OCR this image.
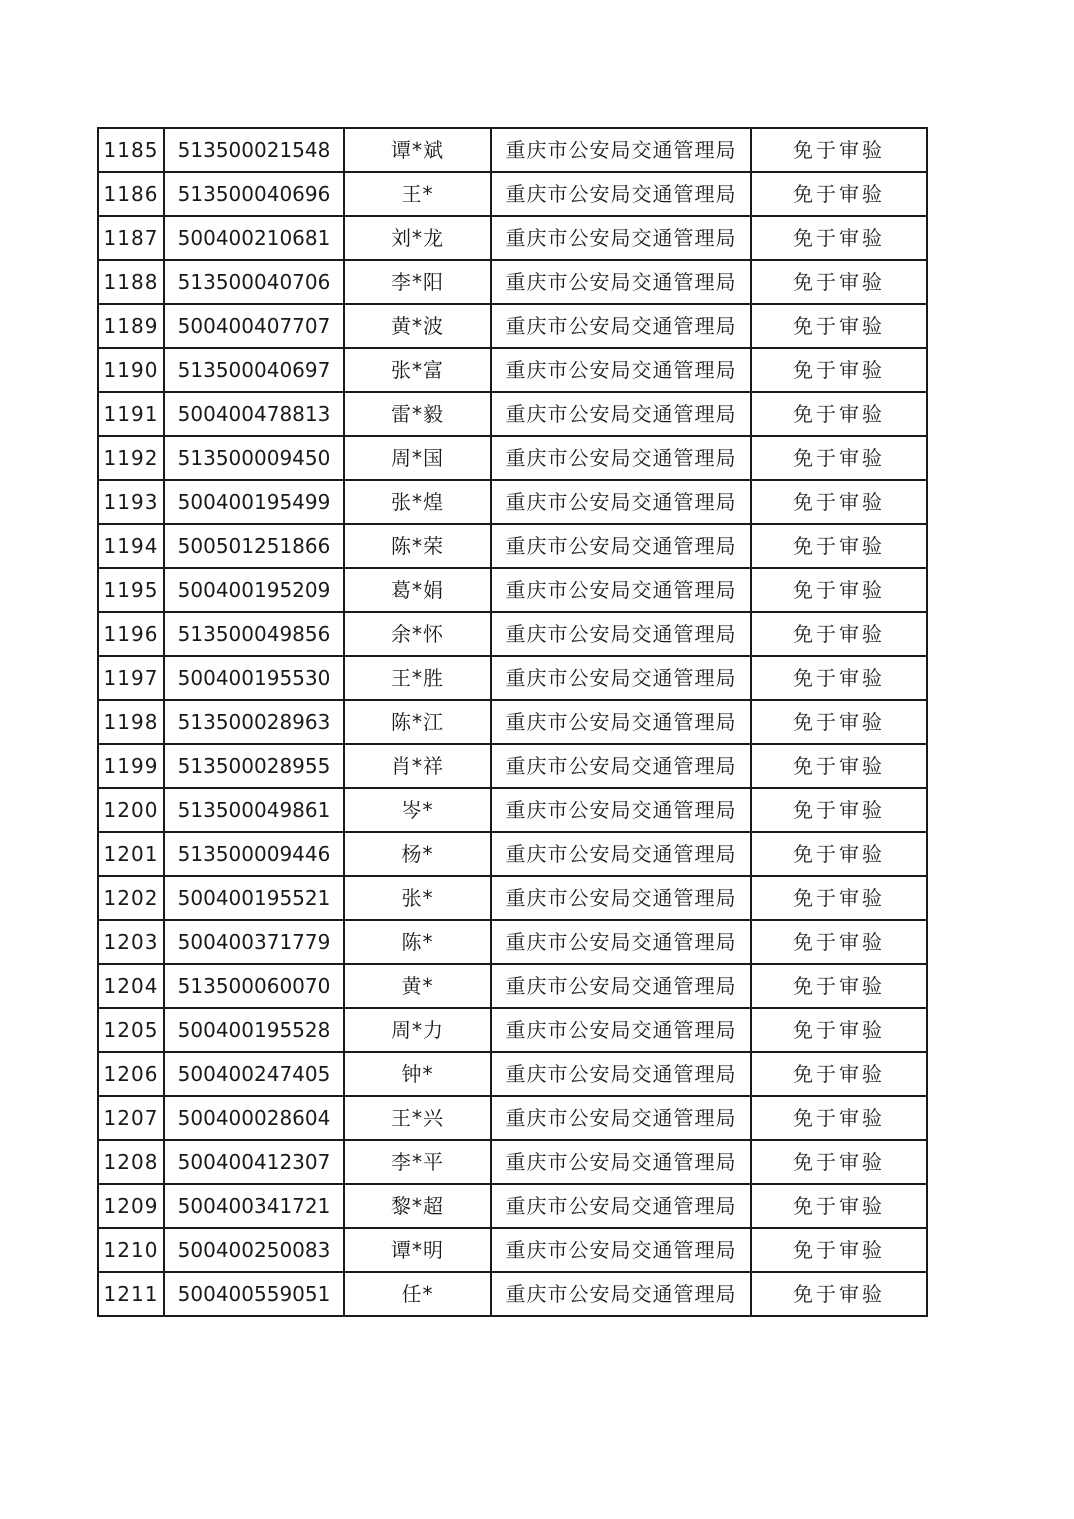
1185	513500021548	谭*斌	重庆市公安局交通管理局	免于审验
1186	513500040696	王*	重庆市公安局交通管理局	免于审验
1187	500400210681	刘*龙	重庆市公安局交通管理局	免于审验
1188	513500040706	李*阳	重庆市公安局交通管理局	免于审验
1189	500400407707	黄*波	重庆市公安局交通管理局	免于审验
1190	513500040697	张*富	重庆市公安局交通管理局	免于审验
1191	500400478813	雷*毅	重庆市公安局交通管理局	免于审验
1192	513500009450	周*国	重庆市公安局交通管理局	免于审验
1193	500400195499	张*煌	重庆市公安局交通管理局	免于审验
1194	500501251866	陈*荣	重庆市公安局交通管理局	免于审验
1195	500400195209	葛*娟	重庆市公安局交通管理局	免于审验
1196	513500049856	余*怀	重庆市公安局交通管理局	免于审验
1197	500400195530	王*胜	重庆市公安局交通管理局	免于审验
1198	513500028963	陈*江	重庆市公安局交通管理局	免于审验
1199	513500028955	肖*祥	重庆市公安局交通管理局	免于审验
1200	513500049861	岑*	重庆市公安局交通管理局	免于审验
1201	513500009446	杨*	重庆市公安局交通管理局	免于审验
1202	500400195521	张*	重庆市公安局交通管理局	免于审验
1203	500400371779	陈*	重庆市公安局交通管理局	免于审验
1204	513500060070	黄*	重庆市公安局交通管理局	免于审验
1205	500400195528	周*力	重庆市公安局交通管理局	免于审验
1206	500400247405	钟*	重庆市公安局交通管理局	免于审验
1207	500400028604	王*兴	重庆市公安局交通管理局	免于审验
1208	500400412307	李*平	重庆市公安局交通管理局	免于审验
1209	500400341721	黎*超	重庆市公安局交通管理局	免于审验
1210	500400250083	谭*明	重庆市公安局交通管理局	免于审验
1211	500400559051	任*	重庆市公安局交通管理局	免于审验
